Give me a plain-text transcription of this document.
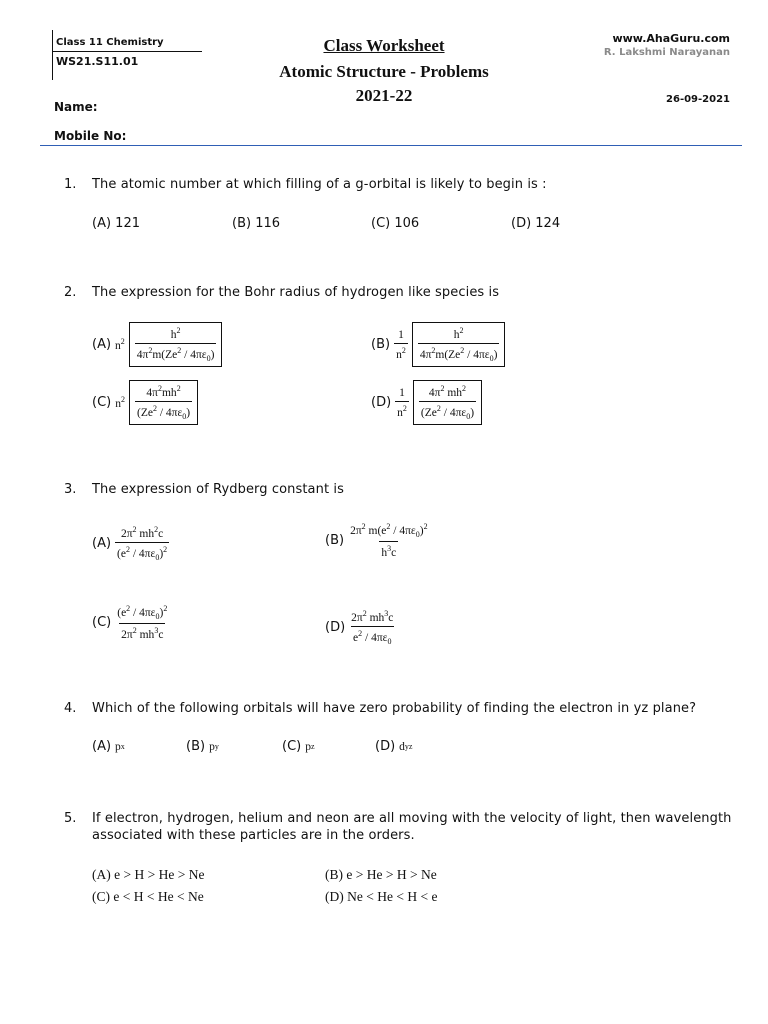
Class 11 Chemistry
WS21.S11.01
Class Worksheet
Atomic Structure - Problems
2021-22
www.AhaGuru.com
R. Lakshmi Narayanan
26-09-2021
Name:
Mobile No:
1. The atomic number at which filling of a g-orbital is likely to begin is :
(A) 121	(B) 116	(C) 106	(D) 124
2. The expression for the Bohr radius of hydrogen like species is
(A) $n^2 \frac{h^2}{4\pi^2m(Ze^2 / 4\pi\varepsilon_0)}$	$(B) \frac{1}{n^2} \frac{h^2}{4\pi^2m(Ze^2 / 4\pi\varepsilon_0)}$
(C) $n^2 \frac{4\pi^2mh^2}{(Ze^2 / 4\pi\varepsilon_0)}$	$(D) \frac{1}{n^2} \frac{4\pi^2 mh^2}{(Ze^2 / 4\pi\varepsilon_0)}$
3. The expression of Rydberg constant is
$(A) \frac{2\pi^2 mh^2c}{(e^2 / 4\pi\varepsilon_0)^2}$	$(B) \frac{2\pi^2 m(e^2 / 4\pi\varepsilon_0)^2}{h^3c}$
$(C) \frac{(e^2 / 4\pi\varepsilon_0)^2}{2\pi^2 mh^3c}$	$(D) \frac{2\pi^2 mh^3c}{e^2 / 4\pi\varepsilon_0}$
4. Which of the following orbitals will have zero probability of finding the electron in yz plane?
(A) p x	(B) p y	(C) p z	(D) d yz
5. If electron, hydrogen, helium and neon are all moving with the velocity of light, then wavelength
associated with these particles are in the orders.
(A) e > H > He > Ne	(B) e > He > H > Ne
(C) e < H < He < Ne	(D) Ne < He < H < e
